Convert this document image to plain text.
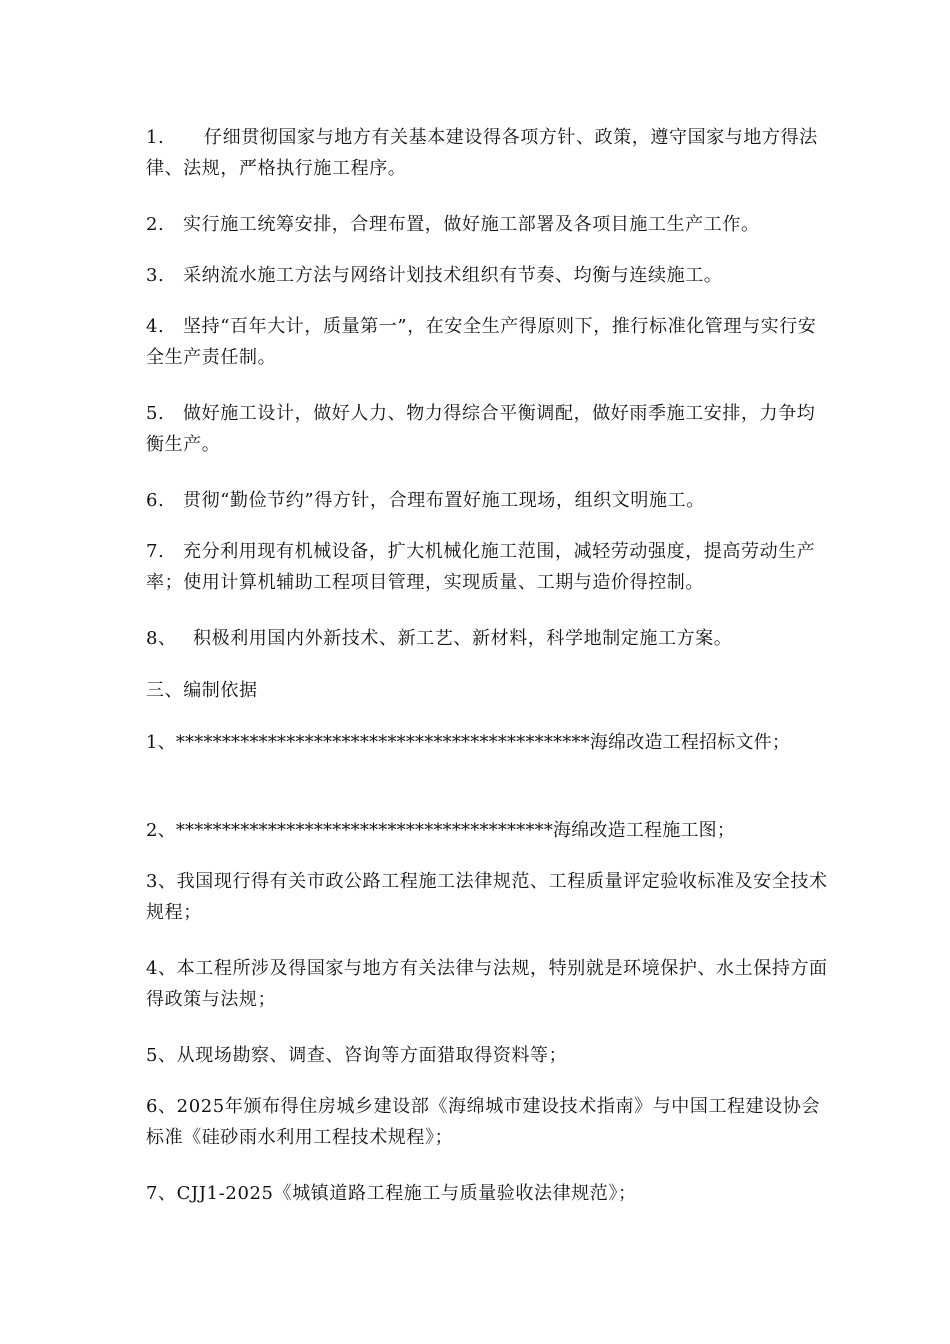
1. 仔细贯彻国家与地方有关基本建设得各项方针、政策，遵守国家与地方得法律、法规，严格执行施工程序。
2. 实行施工统筹安排，合理布置，做好施工部署及各项目施工生产工作。
3. 采纳流水施工方法与网络计划技术组织有节奏、均衡与连续施工。
4. 坚持“百年大计，质量第一”，在安全生产得原则下，推行标准化管理与实行安全生产责任制。
5. 做好施工设计，做好人力、物力得综合平衡调配，做好雨季施工安排，力争均衡生产。
6. 贯彻“勤俭节约”得方针，合理布置好施工现场，组织文明施工。
7. 充分利用现有机械设备，扩大机械化施工范围，减轻劳动强度，提高劳动生产率；使用计算机辅助工程项目管理，实现质量、工期与造价得控制。
8、 积极利用国内外新技术、新工艺、新材料，科学地制定施工方案。
三、编制依据
1、*********************************************海绵改造工程招标文件；
2、*****************************************海绵改造工程施工图；
3、我国现行得有关市政公路工程施工法律规范、工程质量评定验收标准及安全技术规程；
4、本工程所涉及得国家与地方有关法律与法规，特别就是环境保护、水土保持方面得政策与法规；
5、从现场勘察、调查、咨询等方面猎取得资料等；
6、2025年颁布得住房城乡建设部《海绵城市建设技术指南》与中国工程建设协会标准《硅砂雨水利用工程技术规程》；
7、CJJ1-2025《城镇道路工程施工与质量验收法律规范》；
